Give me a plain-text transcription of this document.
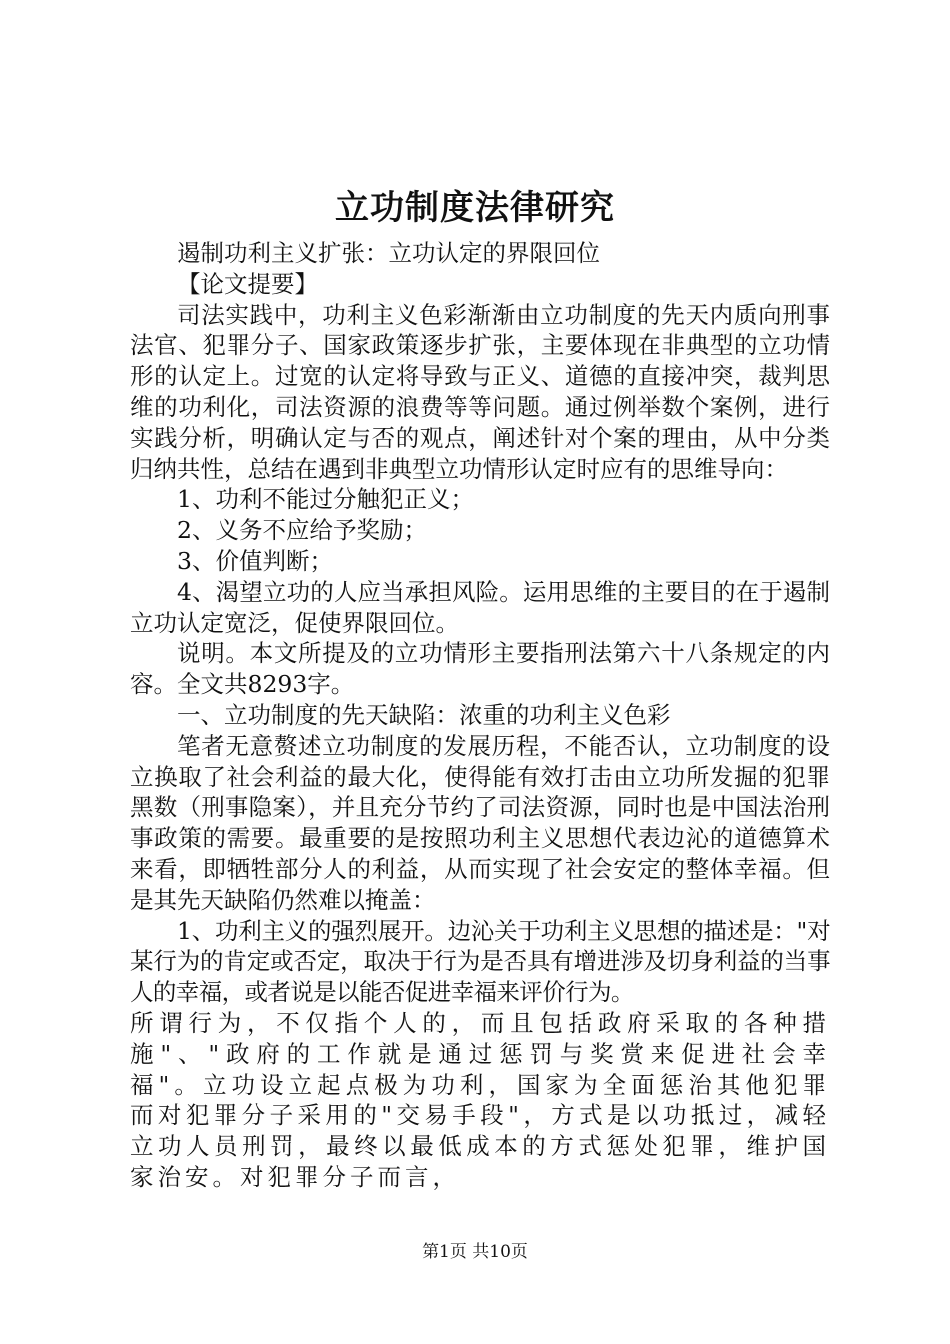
立功制度法律研究

遏制功利主义扩张：立功认定的界限回位

【论文提要】

司法实践中，功利主义色彩渐渐由立功制度的先天内质向刑事法官、犯罪分子、国家政策逐步扩张，主要体现在非典型的立功情形的认定上。过宽的认定将导致与正义、道德的直接冲突，裁判思维的功利化，司法资源的浪费等等问题。通过例举数个案例，进行实践分析，明确认定与否的观点，阐述针对个案的理由，从中分类归纳共性，总结在遇到非典型立功情形认定时应有的思维导向：

1、功利不能过分触犯正义；

2、义务不应给予奖励；

3、价值判断；

4、渴望立功的人应当承担风险。运用思维的主要目的在于遏制立功认定宽泛，促使界限回位。

说明。本文所提及的立功情形主要指刑法第六十八条规定的内容。全文共8293字。

一、立功制度的先天缺陷：浓重的功利主义色彩

笔者无意赘述立功制度的发展历程，不能否认，立功制度的设立换取了社会利益的最大化，使得能有效打击由立功所发掘的犯罪黑数（刑事隐案），并且充分节约了司法资源，同时也是中国法治刑事政策的需要。最重要的是按照功利主义思想代表边沁的道德算术来看，即牺牲部分人的利益，从而实现了社会安定的整体幸福。但是其先天缺陷仍然难以掩盖：

1、功利主义的强烈展开。边沁关于功利主义思想的描述是："对某行为的肯定或否定，取决于行为是否具有增进涉及切身利益的当事人的幸福，或者说是以能否促进幸福来评价行为。

所谓行为，不仅指个人的，而且包括政府采取的各种措施"、"政府的工作就是通过惩罚与奖赏来促进社会幸福"。立功设立起点极为功利，国家为全面惩治其他犯罪而对犯罪分子采用的"交易手段"，方式是以功抵过，减轻立功人员刑罚，最终以最低成本的方式惩处犯罪，维护国家治安。对犯罪分子而言，

第1页 共10页
